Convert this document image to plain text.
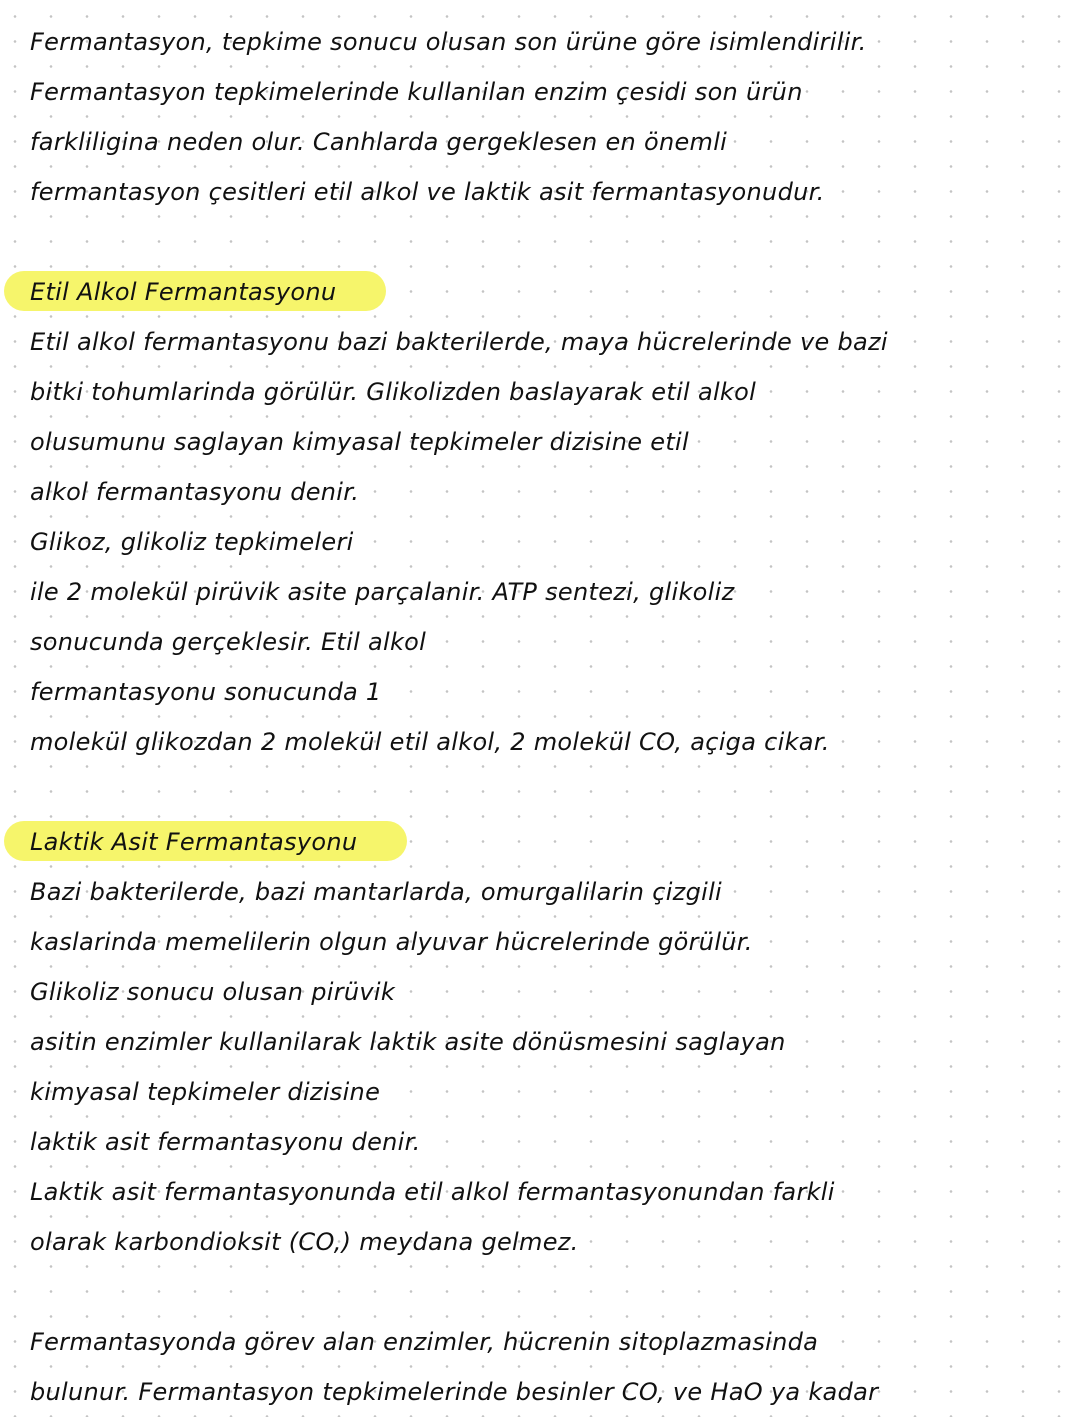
Fermantasyon, tepkime sonucu olusan son ürüne göre isimlendirilir.
Fermantasyon tepkimelerinde kullanilan enzim çesidi son ürün
farkliligina neden olur. Canhlarda gergeklesen en önemli
fermantasyon çesitleri etil alkol ve laktik asit fermantasyonudur.
Etil Alkol Fermantasyonu
Etil alkol fermantasyonu bazi bakterilerde, maya hücrelerinde ve bazi
bitki tohumlarinda görülür. Glikolizden baslayarak etil alkol
olusumunu saglayan kimyasal tepkimeler dizisine etil
alkol fermantasyonu denir.
Glikoz, glikoliz tepkimeleri
ile 2 molekül pirüvik asite parçalanir. ATP sentezi, glikoliz
sonucunda gerçeklesir. Etil alkol
fermantasyonu sonucunda 1
molekül glikozdan 2 molekül etil alkol, 2 molekül CO, açiga cikar.
Laktik Asit Fermantasyonu
Bazi bakterilerde, bazi mantarlarda, omurgalilarin çizgili
kaslarinda memelilerin olgun alyuvar hücrelerinde görülür.
Glikoliz sonucu olusan pirüvik
asitin enzimler kullanilarak laktik asite dönüsmesini saglayan
kimyasal tepkimeler dizisine
laktik asit fermantasyonu denir.
Laktik asit fermantasyonunda etil alkol fermantasyonundan farkli
olarak karbondioksit (CO,) meydana gelmez.
Fermantasyonda görev alan enzimler, hücrenin sitoplazmasinda
bulunur. Fermantasyon tepkimelerinde besinler CO, ve HaO ya kadar
